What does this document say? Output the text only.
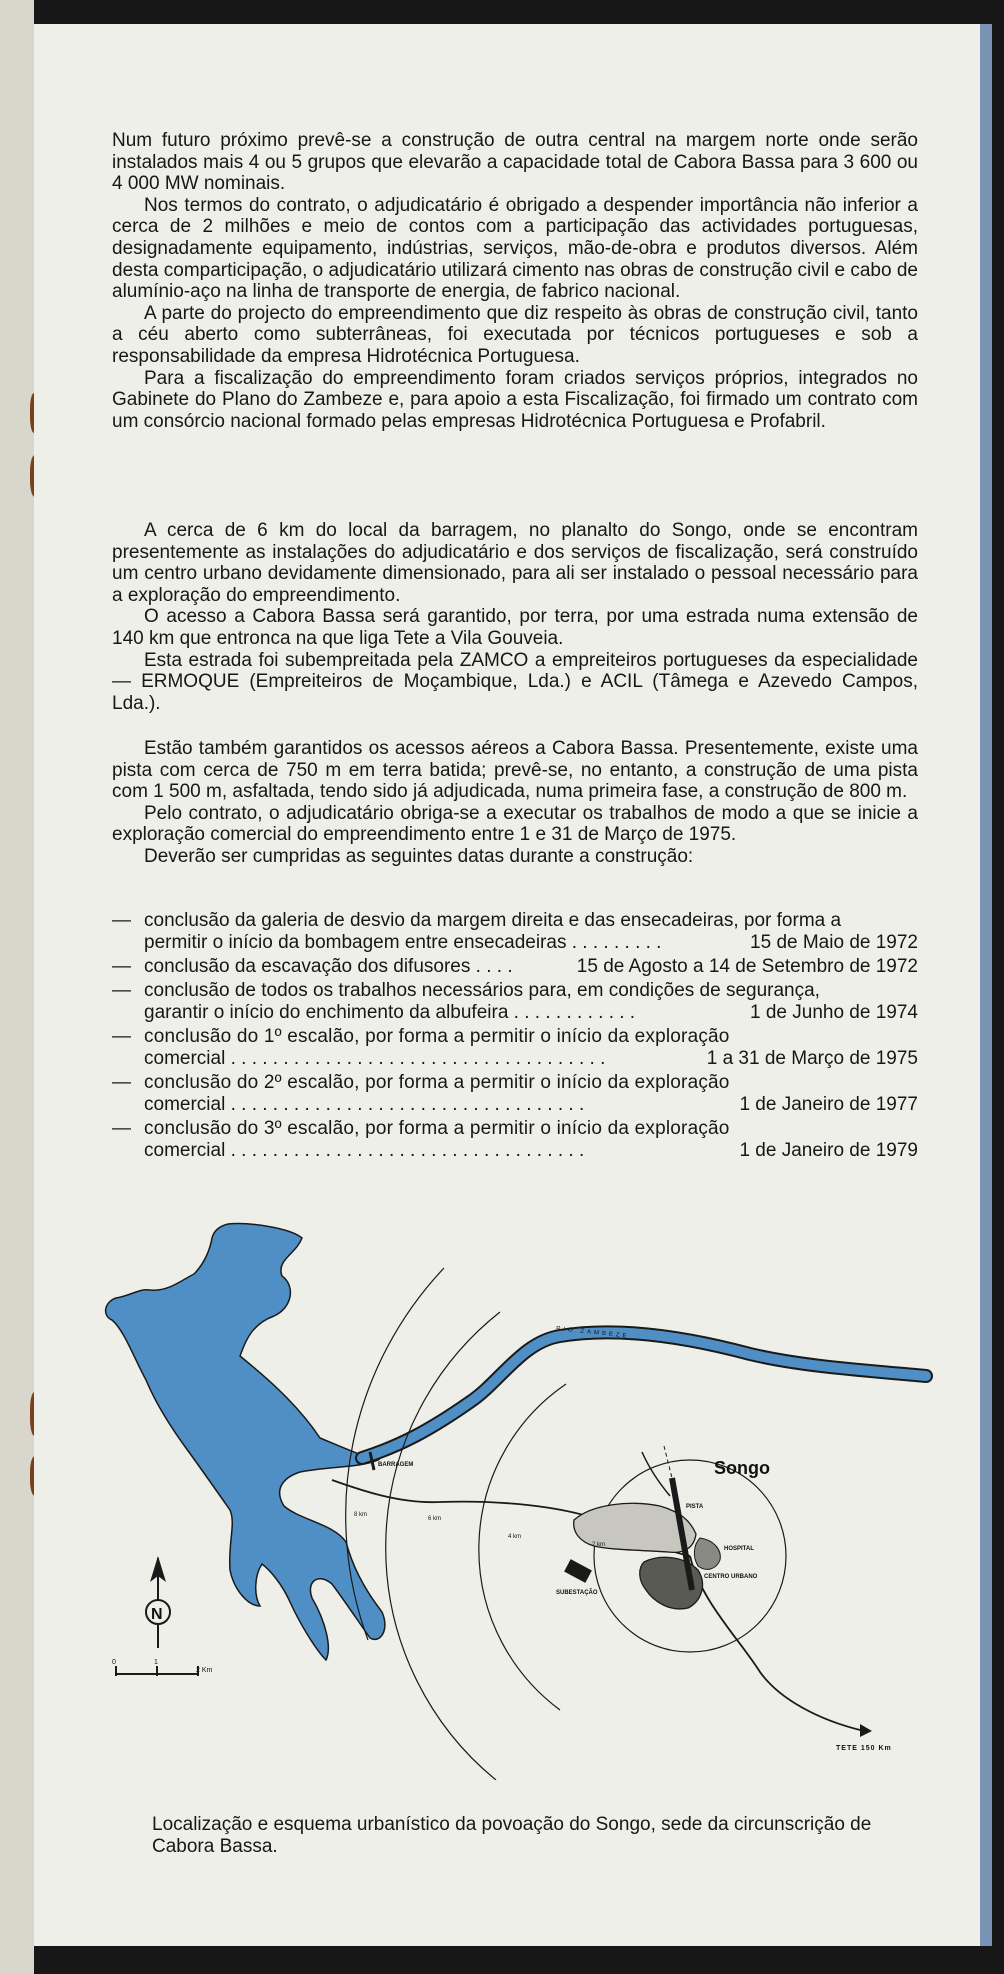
Num futuro próximo prevê-se a construção de outra central na margem norte onde serão instalados mais 4 ou 5 grupos que elevarão a capacidade total de Cabora Bassa para 3 600 ou 4 000 MW nominais.

Nos termos do contrato, o adjudicatário é obrigado a despender importância não inferior a cerca de 2 milhões e meio de contos com a participação das actividades portuguesas, designadamente equipamento, indústrias, serviços, mão-de-obra e produtos diversos. Além desta comparticipação, o adjudicatário utilizará cimento nas obras de construção civil e cabo de alumínio-aço na linha de transporte de energia, de fabrico nacional.

A parte do projecto do empreendimento que diz respeito às obras de construção civil, tanto a céu aberto como subterrâneas, foi executada por técnicos portugueses e sob a responsabilidade da empresa Hidrotécnica Portuguesa.

Para a fiscalização do empreendimento foram criados serviços próprios, integrados no Gabinete do Plano do Zambeze e, para apoio a esta Fiscalização, foi firmado um contrato com um consórcio nacional formado pelas empresas Hidrotécnica Portuguesa e Profabril.

A cerca de 6 km do local da barragem, no planalto do Songo, onde se encontram presentemente as instalações do adjudicatário e dos serviços de fiscalização, será construído um centro urbano devidamente dimensionado, para ali ser instalado o pessoal necessário para a exploração do empreendimento.

O acesso a Cabora Bassa será garantido, por terra, por uma estrada numa extensão de 140 km que entronca na que liga Tete a Vila Gouveia.

Esta estrada foi subempreitada pela ZAMCO a empreiteiros portugueses da especialidade — ERMOQUE (Empreiteiros de Moçambique, Lda.) e ACIL (Tâmega e Azevedo Campos, Lda.).

Estão também garantidos os acessos aéreos a Cabora Bassa. Presentemente, existe uma pista com cerca de 750 m em terra batida; prevê-se, no entanto, a construção de uma pista com 1 500 m, asfaltada, tendo sido já adjudicada, numa primeira fase, a construção de 800 m.

Pelo contrato, o adjudicatário obriga-se a executar os trabalhos de modo a que se inicie a exploração comercial do empreendimento entre 1 e 31 de Março de 1975.

Deverão ser cumpridas as seguintes datas durante a construção:

— conclusão da galeria de desvio da margem direita e das ensecadeiras, por forma a
permitir o início da bombagem entre ensecadeiras . . . . . . . . .	15 de Maio de 1972
— conclusão da escavação dos difusores . . . .	15 de Agosto a 14 de Setembro de 1972
— conclusão de todos os trabalhos necessários para, em condições de segurança,
garantir o início do enchimento da albufeira . . . . . . . . . . . .	1 de Junho de 1974
— conclusão do 1º escalão, por forma a permitir o início da exploração
comercial . . . . . . . . . . . . . . . . . . . . . . . . . . . . . . . . . . . .	1 a 31 de Março de 1975
— conclusão do 2º escalão, por forma a permitir o início da exploração
comercial . . . . . . . . . . . . . . . . . . . . . . . . . . . . . . . . . .	1 de Janeiro de 1977
— conclusão do 3º escalão, por forma a permitir o início da exploração
comercial . . . . . . . . . . . . . . . . . . . . . . . . . . . . . . . . . .	1 de Janeiro de 1979
N
0	1
2 Km
Songo
RIO ZAMBEZE
BARRAGEM
PISTA
HOSPITAL
CENTRO URBANO
SUBESTAÇÃO
TETE 150 Km
2 km
4 km
6 km
8 km
Localização e esquema urbanístico da povoação do Songo, sede da circunscrição de Cabora Bassa.
